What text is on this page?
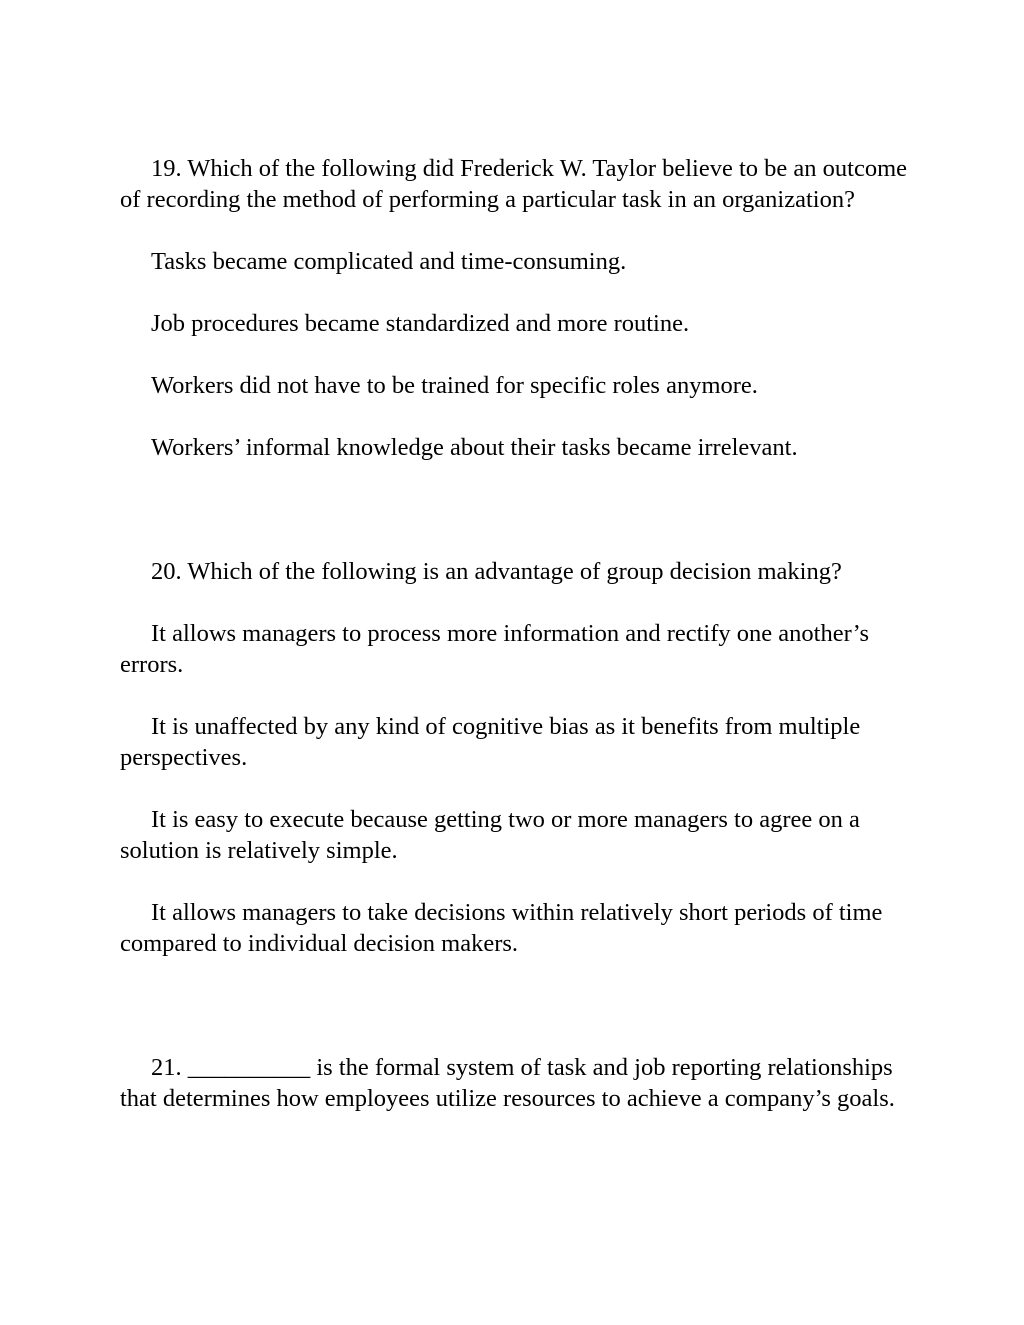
19. Which of the following did Frederick W. Taylor believe to be an outcome of recording the method of performing a particular task in an organization?

Tasks became complicated and time-consuming.

Job procedures became standardized and more routine.

Workers did not have to be trained for specific roles anymore.

Workers’ informal knowledge about their tasks became irrelevant.

20. Which of the following is an advantage of group decision making?

It allows managers to process more information and rectify one another’s errors.

It is unaffected by any kind of cognitive bias as it benefits from multiple perspectives.

It is easy to execute because getting two or more managers to agree on a solution is relatively simple.

It allows managers to take decisions within relatively short periods of time compared to individual decision makers.

21. __________ is the formal system of task and job reporting relationships that determines how employees utilize resources to achieve a company’s goals.
